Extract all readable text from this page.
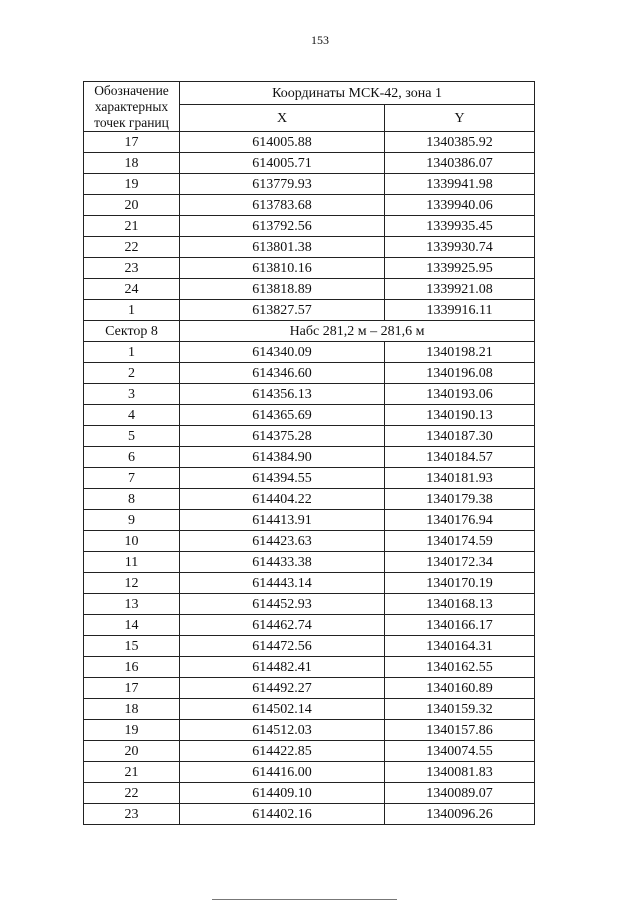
153
Обозначение характерных точек границ	Координаты МСК-42, зона 1	
	X	Y
17	614005.88	1340385.92
18	614005.71	1340386.07
19	613779.93	1339941.98
20	613783.68	1339940.06
21	613792.56	1339935.45
22	613801.38	1339930.74
23	613810.16	1339925.95
24	613818.89	1339921.08
1	613827.57	1339916.11
Сектор 8	Набс 281,2 м – 281,6 м	
1	614340.09	1340198.21
2	614346.60	1340196.08
3	614356.13	1340193.06
4	614365.69	1340190.13
5	614375.28	1340187.30
6	614384.90	1340184.57
7	614394.55	1340181.93
8	614404.22	1340179.38
9	614413.91	1340176.94
10	614423.63	1340174.59
11	614433.38	1340172.34
12	614443.14	1340170.19
13	614452.93	1340168.13
14	614462.74	1340166.17
15	614472.56	1340164.31
16	614482.41	1340162.55
17	614492.27	1340160.89
18	614502.14	1340159.32
19	614512.03	1340157.86
20	614422.85	1340074.55
21	614416.00	1340081.83
22	614409.10	1340089.07
23	614402.16	1340096.26
